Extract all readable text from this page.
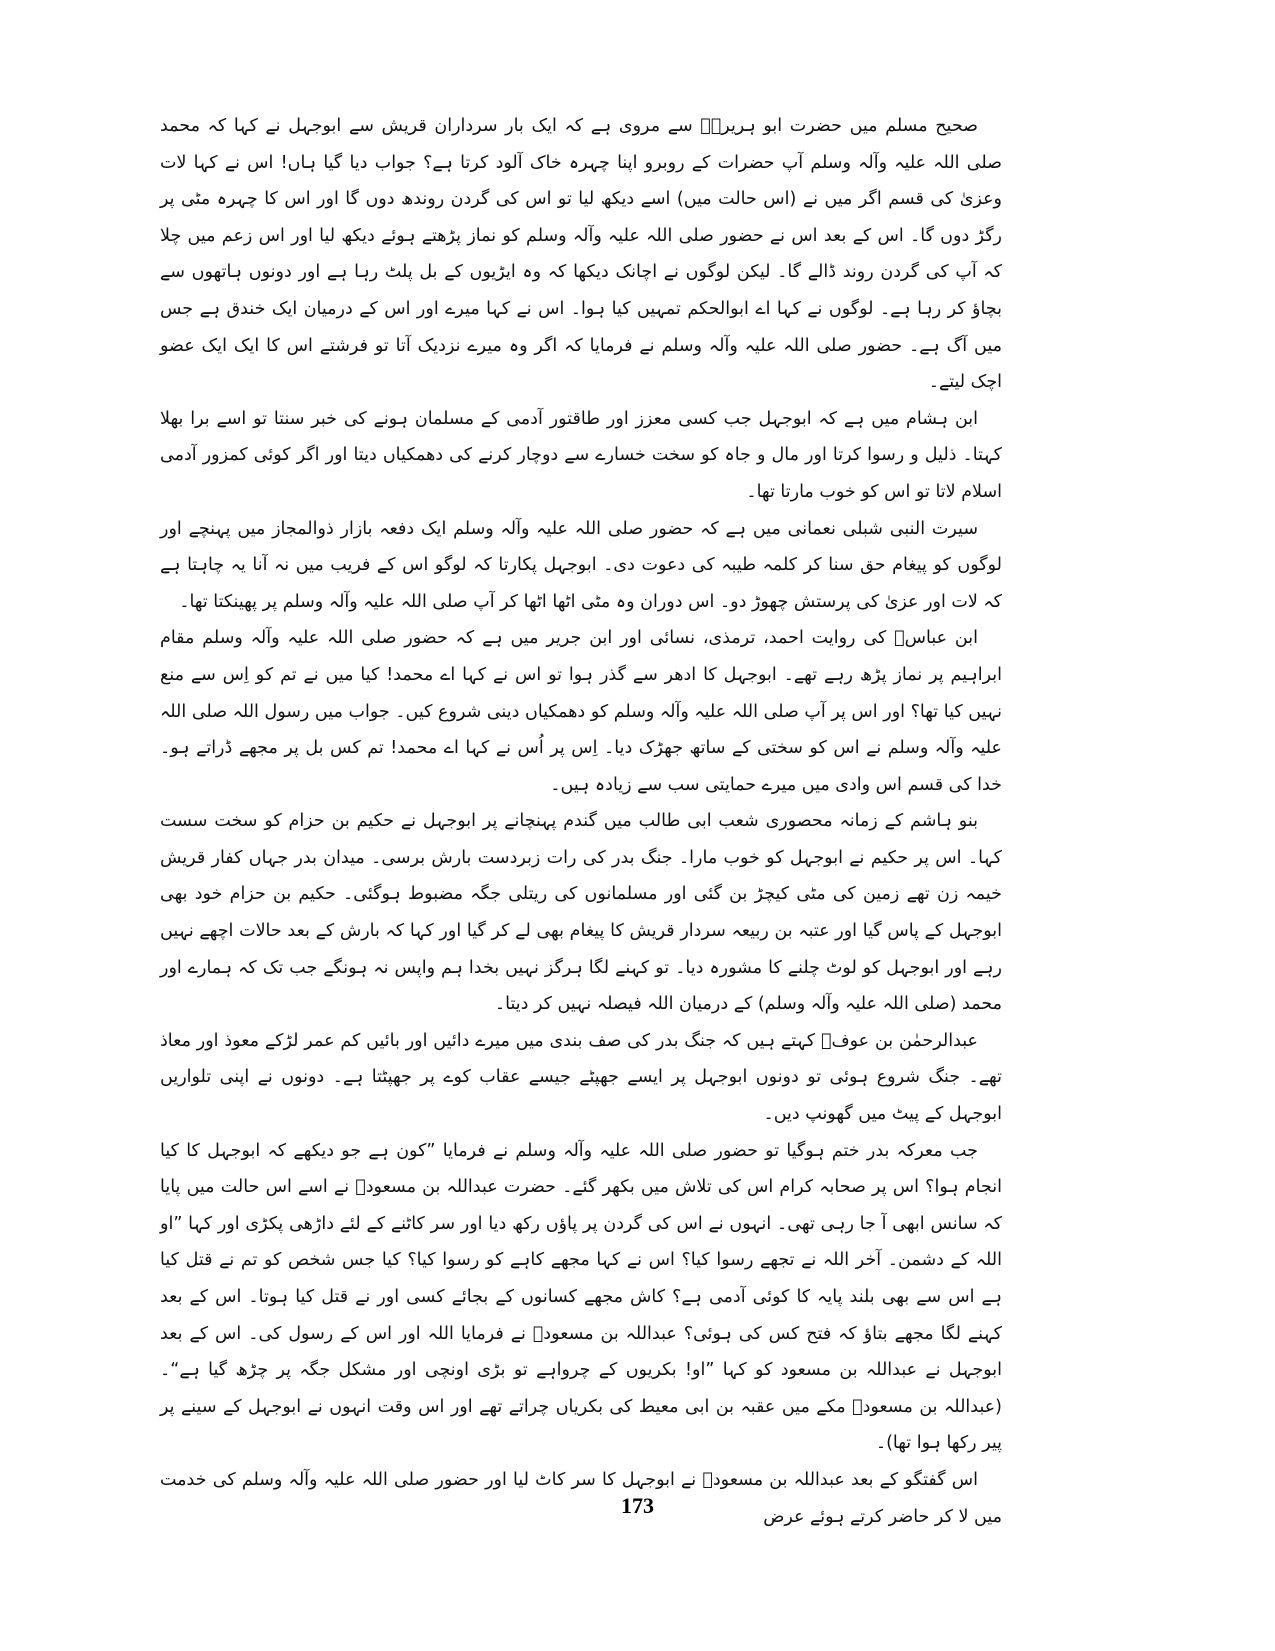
صحیح مسلم میں حضرت ابو ہریرہؓ سے مروی ہے کہ ایک بار سرداران قریش سے ابوجہل نے کہا کہ محمد صلی اللہ علیہ وآلہ وسلم آپ حضرات کے روبرو اپنا چہرہ خاک آلود کرتا ہے؟ جواب دیا گیا ہاں! اس نے کہا لات وعزیٰ کی قسم اگر میں نے (اس حالت میں) اسے دیکھ لیا تو اس کی گردن روندھ دوں گا اور اس کا چہرہ مٹی پر رگڑ دوں گا۔ اس کے بعد اس نے حضور صلی اللہ علیہ وآلہ وسلم کو نماز پڑھتے ہوئے دیکھ لیا اور اس زعم میں چلا کہ آپ کی گردن روند ڈالے گا۔ لیکن لوگوں نے اچانک دیکھا کہ وہ ایڑیوں کے بل پلٹ رہا ہے اور دونوں ہاتھوں سے بچاؤ کر رہا ہے۔ لوگوں نے کہا اے ابوالحکم تمہیں کیا ہوا۔ اس نے کہا میرے اور اس کے درمیان ایک خندق ہے جس میں آگ ہے۔ حضور صلی اللہ علیہ وآلہ وسلم نے فرمایا کہ اگر وہ میرے نزدیک آتا تو فرشتے اس کا ایک ایک عضو اچک لیتے۔

ابن ہشام میں ہے کہ ابوجہل جب کسی معزز اور طاقتور آدمی کے مسلمان ہونے کی خبر سنتا تو اسے برا بھلا کہتا۔ ذلیل و رسوا کرتا اور مال و جاہ کو سخت خسارے سے دوچار کرنے کی دھمکیاں دیتا اور اگر کوئی کمزور آدمی اسلام لاتا تو اس کو خوب مارتا تھا۔

سیرت النبی شبلی نعمانی میں ہے کہ حضور صلی اللہ علیہ وآلہ وسلم ایک دفعہ بازار ذوالمجاز میں پہنچے اور لوگوں کو پیغام حق سنا کر کلمہ طیبہ کی دعوت دی۔ ابوجہل پکارتا کہ لوگو اس کے فریب میں نہ آنا یہ چاہتا ہے کہ لات اور عزیٰ کی پرستش چھوڑ دو۔ اس دوران وہ مٹی اٹھا اٹھا کر آپ صلی اللہ علیہ وآلہ وسلم پر پھینکتا تھا۔

ابن عباسؓ کی روایت احمد، ترمذی، نسائی اور ابن جریر میں ہے کہ حضور صلی اللہ علیہ وآلہ وسلم مقام ابراہیم پر نماز پڑھ رہے تھے۔ ابوجہل کا ادھر سے گذر ہوا تو اس نے کہا اے محمد! کیا میں نے تم کو اِس سے منع نہیں کیا تھا؟ اور اس پر آپ صلی اللہ علیہ وآلہ وسلم کو دھمکیاں دینی شروع کیں۔ جواب میں رسول اللہ صلی اللہ علیہ وآلہ وسلم نے اس کو سختی کے ساتھ جھڑک دیا۔ اِس پر اُس نے کہا اے محمد! تم کس بل پر مجھے ڈراتے ہو۔ خدا کی قسم اس وادی میں میرے حمایتی سب سے زیادہ ہیں۔

بنو ہاشم کے زمانہ محصوری شعب ابی طالب میں گندم پہنچانے پر ابوجہل نے حکیم بن حزام کو سخت سست کہا۔ اس پر حکیم نے ابوجہل کو خوب مارا۔ جنگ بدر کی رات زبردست بارش برسی۔ میدان بدر جہاں کفار قریش خیمہ زن تھے زمین کی مٹی کیچڑ بن گئی اور مسلمانوں کی ریتلی جگہ مضبوط ہوگئی۔ حکیم بن حزام خود بھی ابوجہل کے پاس گیا اور عتبہ بن ربیعہ سردار قریش کا پیغام بھی لے کر گیا اور کہا کہ بارش کے بعد حالات اچھے نہیں رہے اور ابوجہل کو لوٹ چلنے کا مشورہ دیا۔ تو کہنے لگا ہرگز نہیں بخدا ہم واپس نہ ہونگے جب تک کہ ہمارے اور محمد (صلی اللہ علیہ وآلہ وسلم) کے درمیان اللہ فیصلہ نہیں کر دیتا۔

عبدالرحمٰن بن عوفؓ کہتے ہیں کہ جنگ بدر کی صف بندی میں میرے دائیں اور بائیں کم عمر لڑکے معوذ اور معاذ تھے۔ جنگ شروع ہوئی تو دونوں ابوجہل پر ایسے جھپٹے جیسے عقاب کوے پر جھپٹتا ہے۔ دونوں نے اپنی تلواریں ابوجہل کے پیٹ میں گھونپ دیں۔

جب معرکہ بدر ختم ہوگیا تو حضور صلی اللہ علیہ وآلہ وسلم نے فرمایا ”کون ہے جو دیکھے کہ ابوجہل کا کیا انجام ہوا؟ اس پر صحابہ کرام اس کی تلاش میں بکھر گئے۔ حضرت عبداللہ بن مسعودؓ نے اسے اس حالت میں پایا کہ سانس ابھی آ جا رہی تھی۔ انہوں نے اس کی گردن پر پاؤں رکھ دیا اور سر کاٹنے کے لئے داڑھی پکڑی اور کہا ”او اللہ کے دشمن۔ آخر اللہ نے تجھے رسوا کیا؟ اس نے کہا مجھے کاہے کو رسوا کیا؟ کیا جس شخص کو تم نے قتل کیا ہے اس سے بھی بلند پایہ کا کوئی آدمی ہے؟ کاش مجھے کسانوں کے بجائے کسی اور نے قتل کیا ہوتا۔ اس کے بعد کہنے لگا مجھے بتاؤ کہ فتح کس کی ہوئی؟ عبداللہ بن مسعودؓ نے فرمایا اللہ اور اس کے رسول کی۔ اس کے بعد ابوجہل نے عبداللہ بن مسعود کو کہا ”او! بکریوں کے چرواہے تو بڑی اونچی اور مشکل جگہ پر چڑھ گیا ہے“۔ (عبداللہ بن مسعودؓ مکے میں عقبہ بن ابی معیط کی بکریاں چراتے تھے اور اس وقت انہوں نے ابوجہل کے سینے پر پیر رکھا ہوا تھا)۔

اس گفتگو کے بعد عبداللہ بن مسعودؓ نے ابوجہل کا سر کاٹ لیا اور حضور صلی اللہ علیہ وآلہ وسلم کی خدمت میں لا کر حاضر کرتے ہوئے عرض

173
